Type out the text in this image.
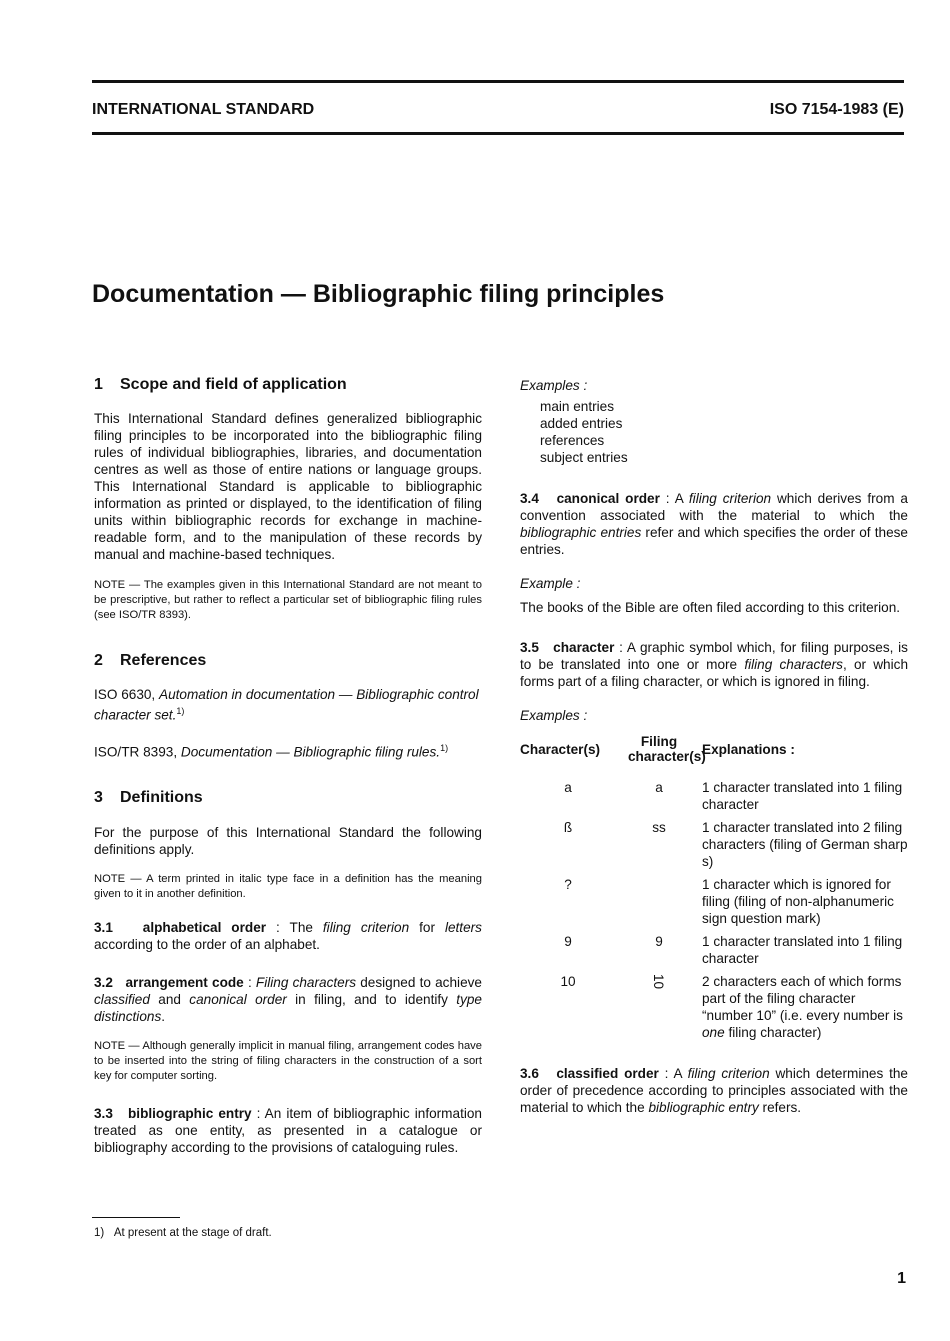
INTERNATIONAL STANDARD	ISO 7154-1983 (E)
Documentation — Bibliographic filing principles
1 Scope and field of application

This International Standard defines generalized bibliographic filing principles to be incorporated into the bibliographic filing rules of individual bibliographies, libraries, and documentation centres as well as those of entire nations or language groups. This International Standard is applicable to bibliographic information as printed or displayed, to the identification of filing units within bibliographic records for exchange in machine-readable form, and to the manipulation of these records by manual and machine-based techniques.

NOTE — The examples given in this International Standard are not meant to be prescriptive, but rather to reflect a particular set of bibliographic filing rules (see ISO/TR 8393).

2 References

ISO 6630, Automation in documentation — Bibliographic control character set.$^{1)}$

ISO/TR 8393, Documentation — Bibliographic filing rules.$^{1)}$

3 Definitions

For the purpose of this International Standard the following definitions apply.

NOTE — A term printed in italic type face in a definition has the meaning given to it in another definition.

3.1 alphabetical order : The filing criterion for letters according to the order of an alphabet.

3.2 arrangement code : Filing characters designed to achieve classified and canonical order in filing, and to identify type distinctions.

NOTE — Although generally implicit in manual filing, arrangement codes have to be inserted into the string of filing characters in the construction of a sort key for computer sorting.

3.3 bibliographic entry : An item of bibliographic information treated as one entity, as presented in a catalogue or bibliography according to the provisions of cataloguing rules.

Examples :
main entries
added entries
references
subject entries

3.4 canonical order : A filing criterion which derives from a convention associated with the material to which the bibliographic entries refer and which specifies the order of these entries.

Example :

The books of the Bible are often filed according to this criterion.

3.5 character : A graphic symbol which, for filing purposes, is to be translated into one or more filing characters, or which forms part of a filing character, or which is ignored in filing.

Examples :
Character(s)	Filing character(s)	Explanations :
a	a	1 character translated into 1 filing character
ß	ss	1 character translated into 2 filing characters (filing of German sharp s)
?		1 character which is ignored for filing (filing of non-alphanumeric sign question mark)
9	9	1 character translated into 1 filing character
10	10	2 characters each of which forms part of the filing character “number 10” (i.e. every number is one filing character)

3.6 classified order : A filing criterion which determines the order of precedence according to principles associated with the material to which the bibliographic entry refers.

1) At present at the stage of draft.
1
